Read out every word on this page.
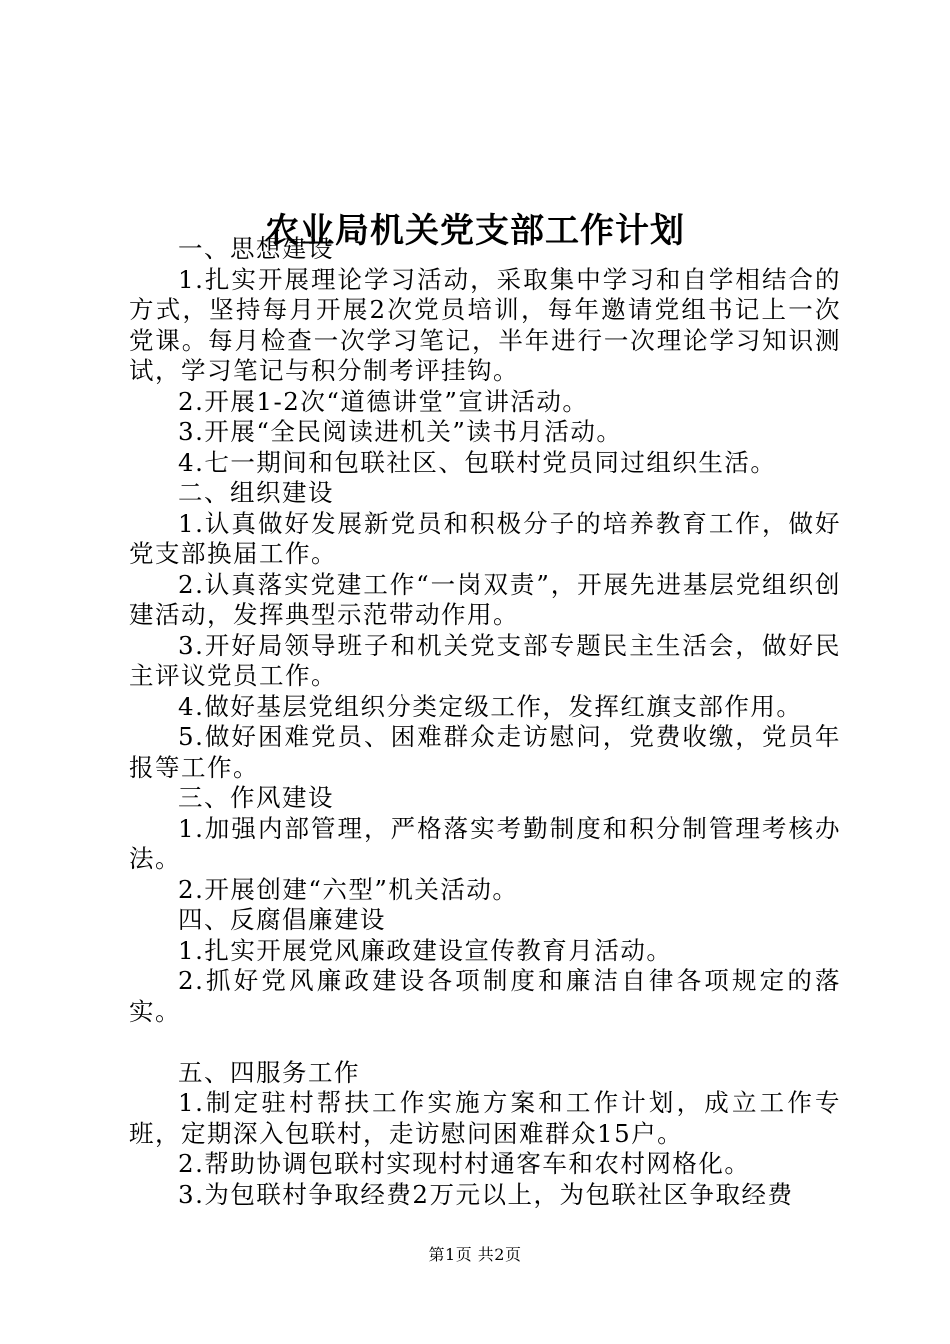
农业局机关党支部工作计划

一、思想建设

1.扎实开展理论学习活动，采取集中学习和自学相结合的方式，坚持每月开展2次党员培训，每年邀请党组书记上一次党课。每月检查一次学习笔记，半年进行一次理论学习知识测试，学习笔记与积分制考评挂钩。

2.开展1-2次“道德讲堂”宣讲活动。

3.开展“全民阅读进机关”读书月活动。

4.七一期间和包联社区、包联村党员同过组织生活。

二、组织建设

1.认真做好发展新党员和积极分子的培养教育工作，做好党支部换届工作。

2.认真落实党建工作“一岗双责”，开展先进基层党组织创建活动，发挥典型示范带动作用。

3.开好局领导班子和机关党支部专题民主生活会，做好民主评议党员工作。

4.做好基层党组织分类定级工作，发挥红旗支部作用。

5.做好困难党员、困难群众走访慰问，党费收缴，党员年报等工作。

三、作风建设

1.加强内部管理，严格落实考勤制度和积分制管理考核办法。

2.开展创建“六型”机关活动。

四、反腐倡廉建设

1.扎实开展党风廉政建设宣传教育月活动。

2.抓好党风廉政建设各项制度和廉洁自律各项规定的落实。

五、四服务工作

1.制定驻村帮扶工作实施方案和工作计划，成立工作专班，定期深入包联村，走访慰问困难群众15户。

2.帮助协调包联村实现村村通客车和农村网格化。

3.为包联村争取经费2万元以上，为包联社区争取经费

第1页 共2页
